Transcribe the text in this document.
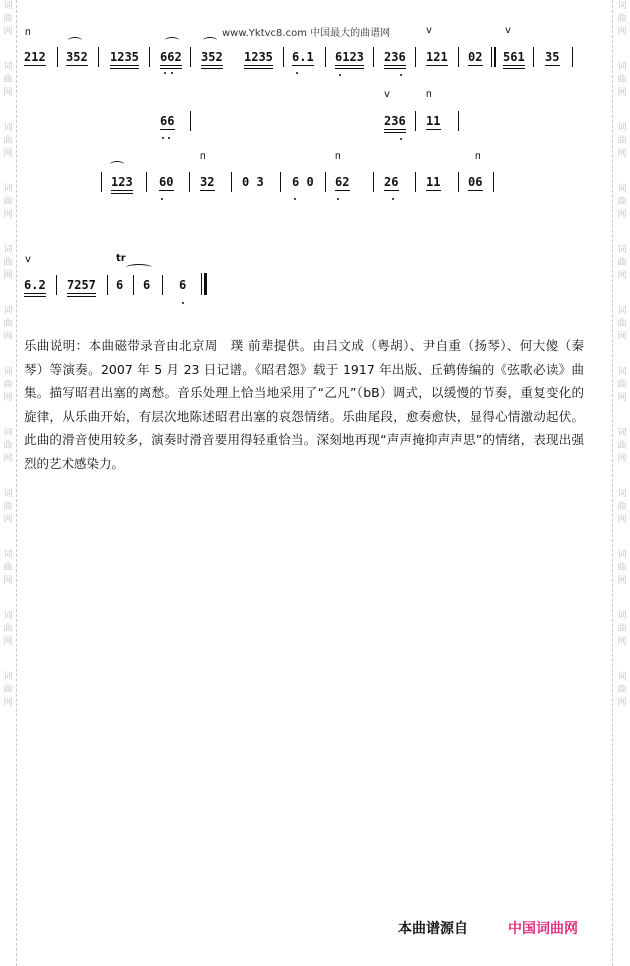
词
曲
网
词
曲
网
词
曲
网
词
曲
网
词
曲
网
词
曲
网
词
曲
网
词
曲
网
词
曲
网
词
曲
网
词
曲
网
词
曲
网
词
曲
网
词
曲
网
词
曲
网
词
曲
网
词
曲
网
词
曲
网
词
曲
网
词
曲
网
词
曲
网
词
曲
网
词
曲
网
词
曲
网
www.Yktvc8.com 中国最大的曲谱网
ᴨ	v	v
212 352 1235 662 352 1235 6.1 6123 236 121 02 561 35
v	ᴨ
66	236 11
ᴨ	ᴨ	ᴨ
123 60 32 0 3 6 0 62	26 11 06
v	tr
6.2 7257 6 6 6

乐曲说明：本曲磁带录音由北京周　璞 前辈提供。由吕文成（粤胡）、尹自重（扬琴）、何大傻（秦琴）等演奏。2007 年 5 月 23 日记谱。《昭君怨》载于 1917 年出版、丘鹤俦编的《弦歌必读》曲集。描写昭君出塞的离愁。音乐处理上恰当地采用了“乙凡”（bB）调式，以缓慢的节奏，重复变化的旋律，从乐曲开始，有层次地陈述昭君出塞的哀怨情绪。乐曲尾段，愈奏愈快，显得心情激动起伏。此曲的滑音使用较多，演奏时滑音要用得轻重恰当。深刻地再现“声声掩抑声声思”的情绪，表现出强烈的艺术感染力。

本曲谱源自	中国词曲网
